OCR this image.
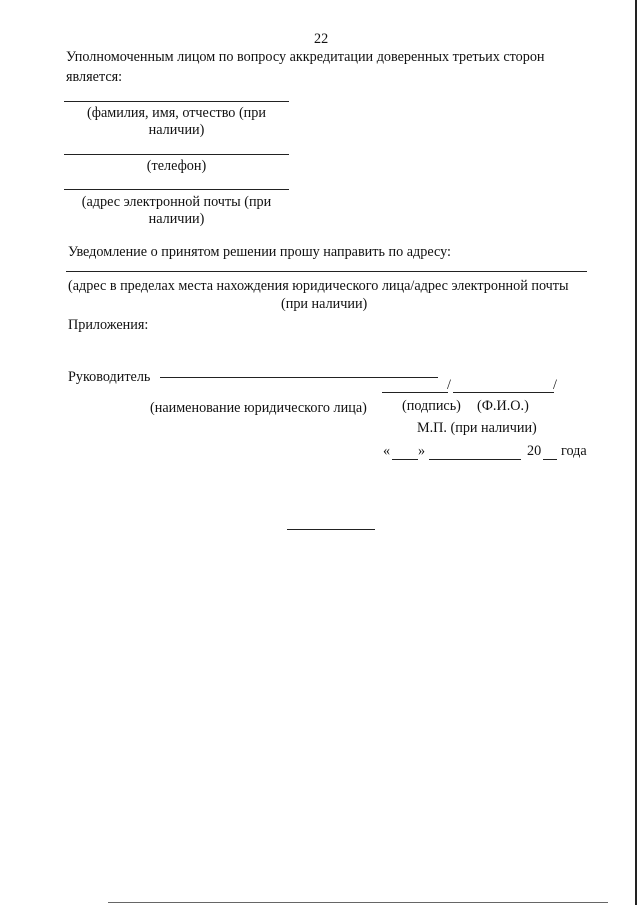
22
Уполномоченным лицом по вопросу аккредитации доверенных третьих сторон
является:
(фамилия, имя, отчество (при
наличии)
(телефон)
(адрес электронной почты (при
наличии)
Уведомление о принятом решении прошу направить по адресу:
(адрес в пределах места нахождения юридического лица/адрес электронной почты
(при наличии)
Приложения:
Руководитель	/	/
(наименование юридического лица) (подпись) (Ф.И.О.)
М.П. (при наличии)
« »	20 года
